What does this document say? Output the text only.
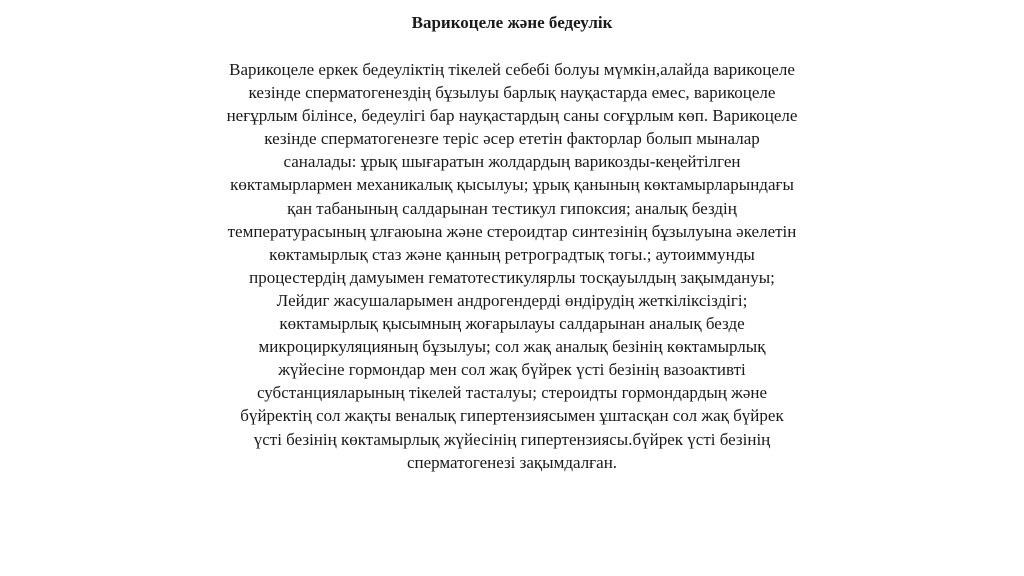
Варикоцеле және бедеулік

Варикоцеле еркек бедеуліктің тікелей себебі болуы мүмкін,алайда варикоцеле
кезінде сперматогенездің бұзылуы барлық науқастарда емес, варикоцеле
неғұрлым білінсе, бедеулігі бар науқастардың саны соғұрлым көп. Варикоцеле
кезінде сперматогенезге теріс әсер ететін факторлар болып мыналар
саналады: ұрық шығаратын жолдардың варикозды-кеңейтілген
көктамырлармен механикалық қысылуы; ұрық қанының көктамырларындағы
қан табанының салдарынан тестикул гипоксия; аналық бездің
температурасының ұлғаюына және стероидтар синтезінің бұзылуына әкелетін
көктамырлық стаз және қанның ретроградтық тогы.; аутоиммунды
процестердің дамуымен гематотестикулярлы тосқауылдың зақымдануы;
Лейдиг жасушаларымен андрогендерді өндірудің жеткіліксіздігі;
көктамырлық қысымның жоғарылауы салдарынан аналық безде
микроциркуляцияның бұзылуы; сол жақ аналық безінің көктамырлық
жүйесіне гормондар мен сол жақ бүйрек үсті безінің вазоактивті
субстанцияларының тікелей тасталуы; стероидты гормондардың және
бүйректің сол жақты веналық гипертензиясымен ұштасқан сол жақ бүйрек
үсті безінің көктамырлық жүйесінің гипертензиясы.бүйрек үсті безінің
сперматогенезі зақымдалған.
